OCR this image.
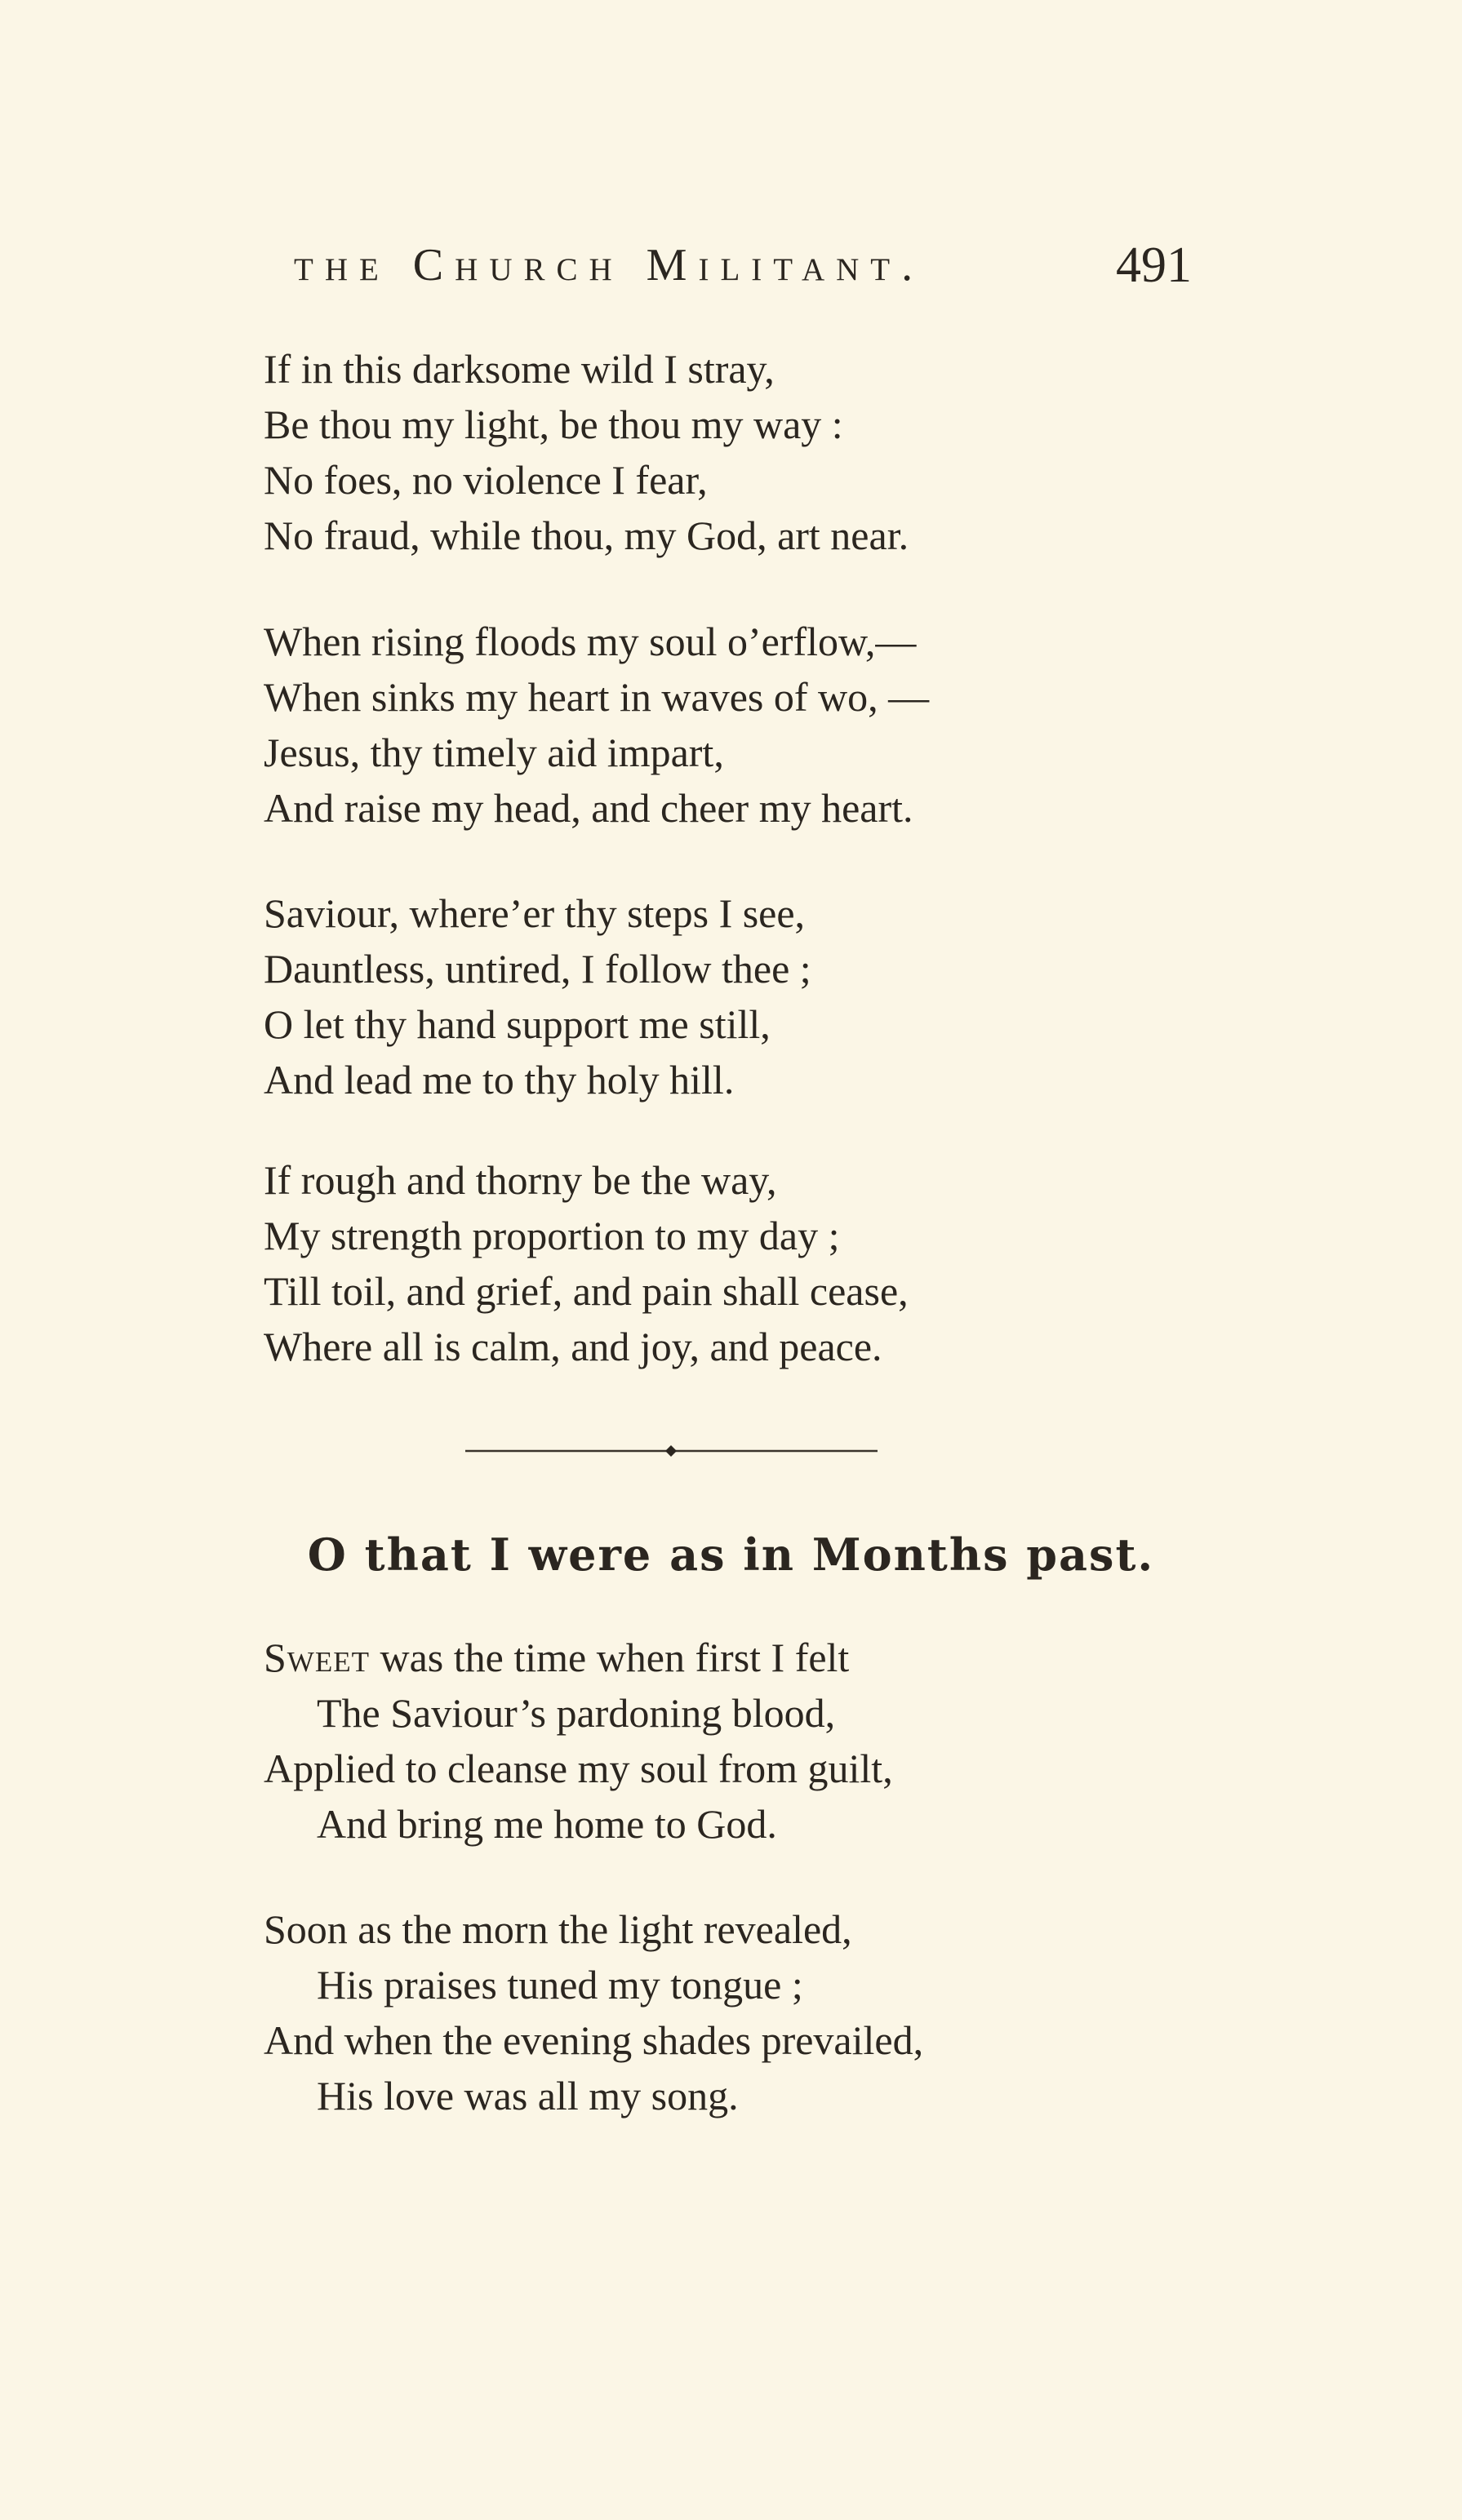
the Church Militant.	491
If in this darksome wild I stray,
Be thou my light, be thou my way :
No foes, no violence I fear,
No fraud, while thou, my God, art near.
When rising floods my soul o’erflow,—
When sinks my heart in waves of wo, —
Jesus, thy timely aid impart,
And raise my head, and cheer my heart.
Saviour, where’er thy steps I see,
Dauntless, untired, I follow thee ;
O let thy hand support me still,
And lead me to thy holy hill.
If rough and thorny be the way,
My strength proportion to my day ;
Till toil, and grief, and pain shall cease,
Where all is calm, and joy, and peace.
O that I were as in Months past.
Sweet was the time when first I felt
The Saviour’s pardoning blood,
Applied to cleanse my soul from guilt,
And bring me home to God.
Soon as the morn the light revealed,
His praises tuned my tongue ;
And when the evening shades prevailed,
His love was all my song.
